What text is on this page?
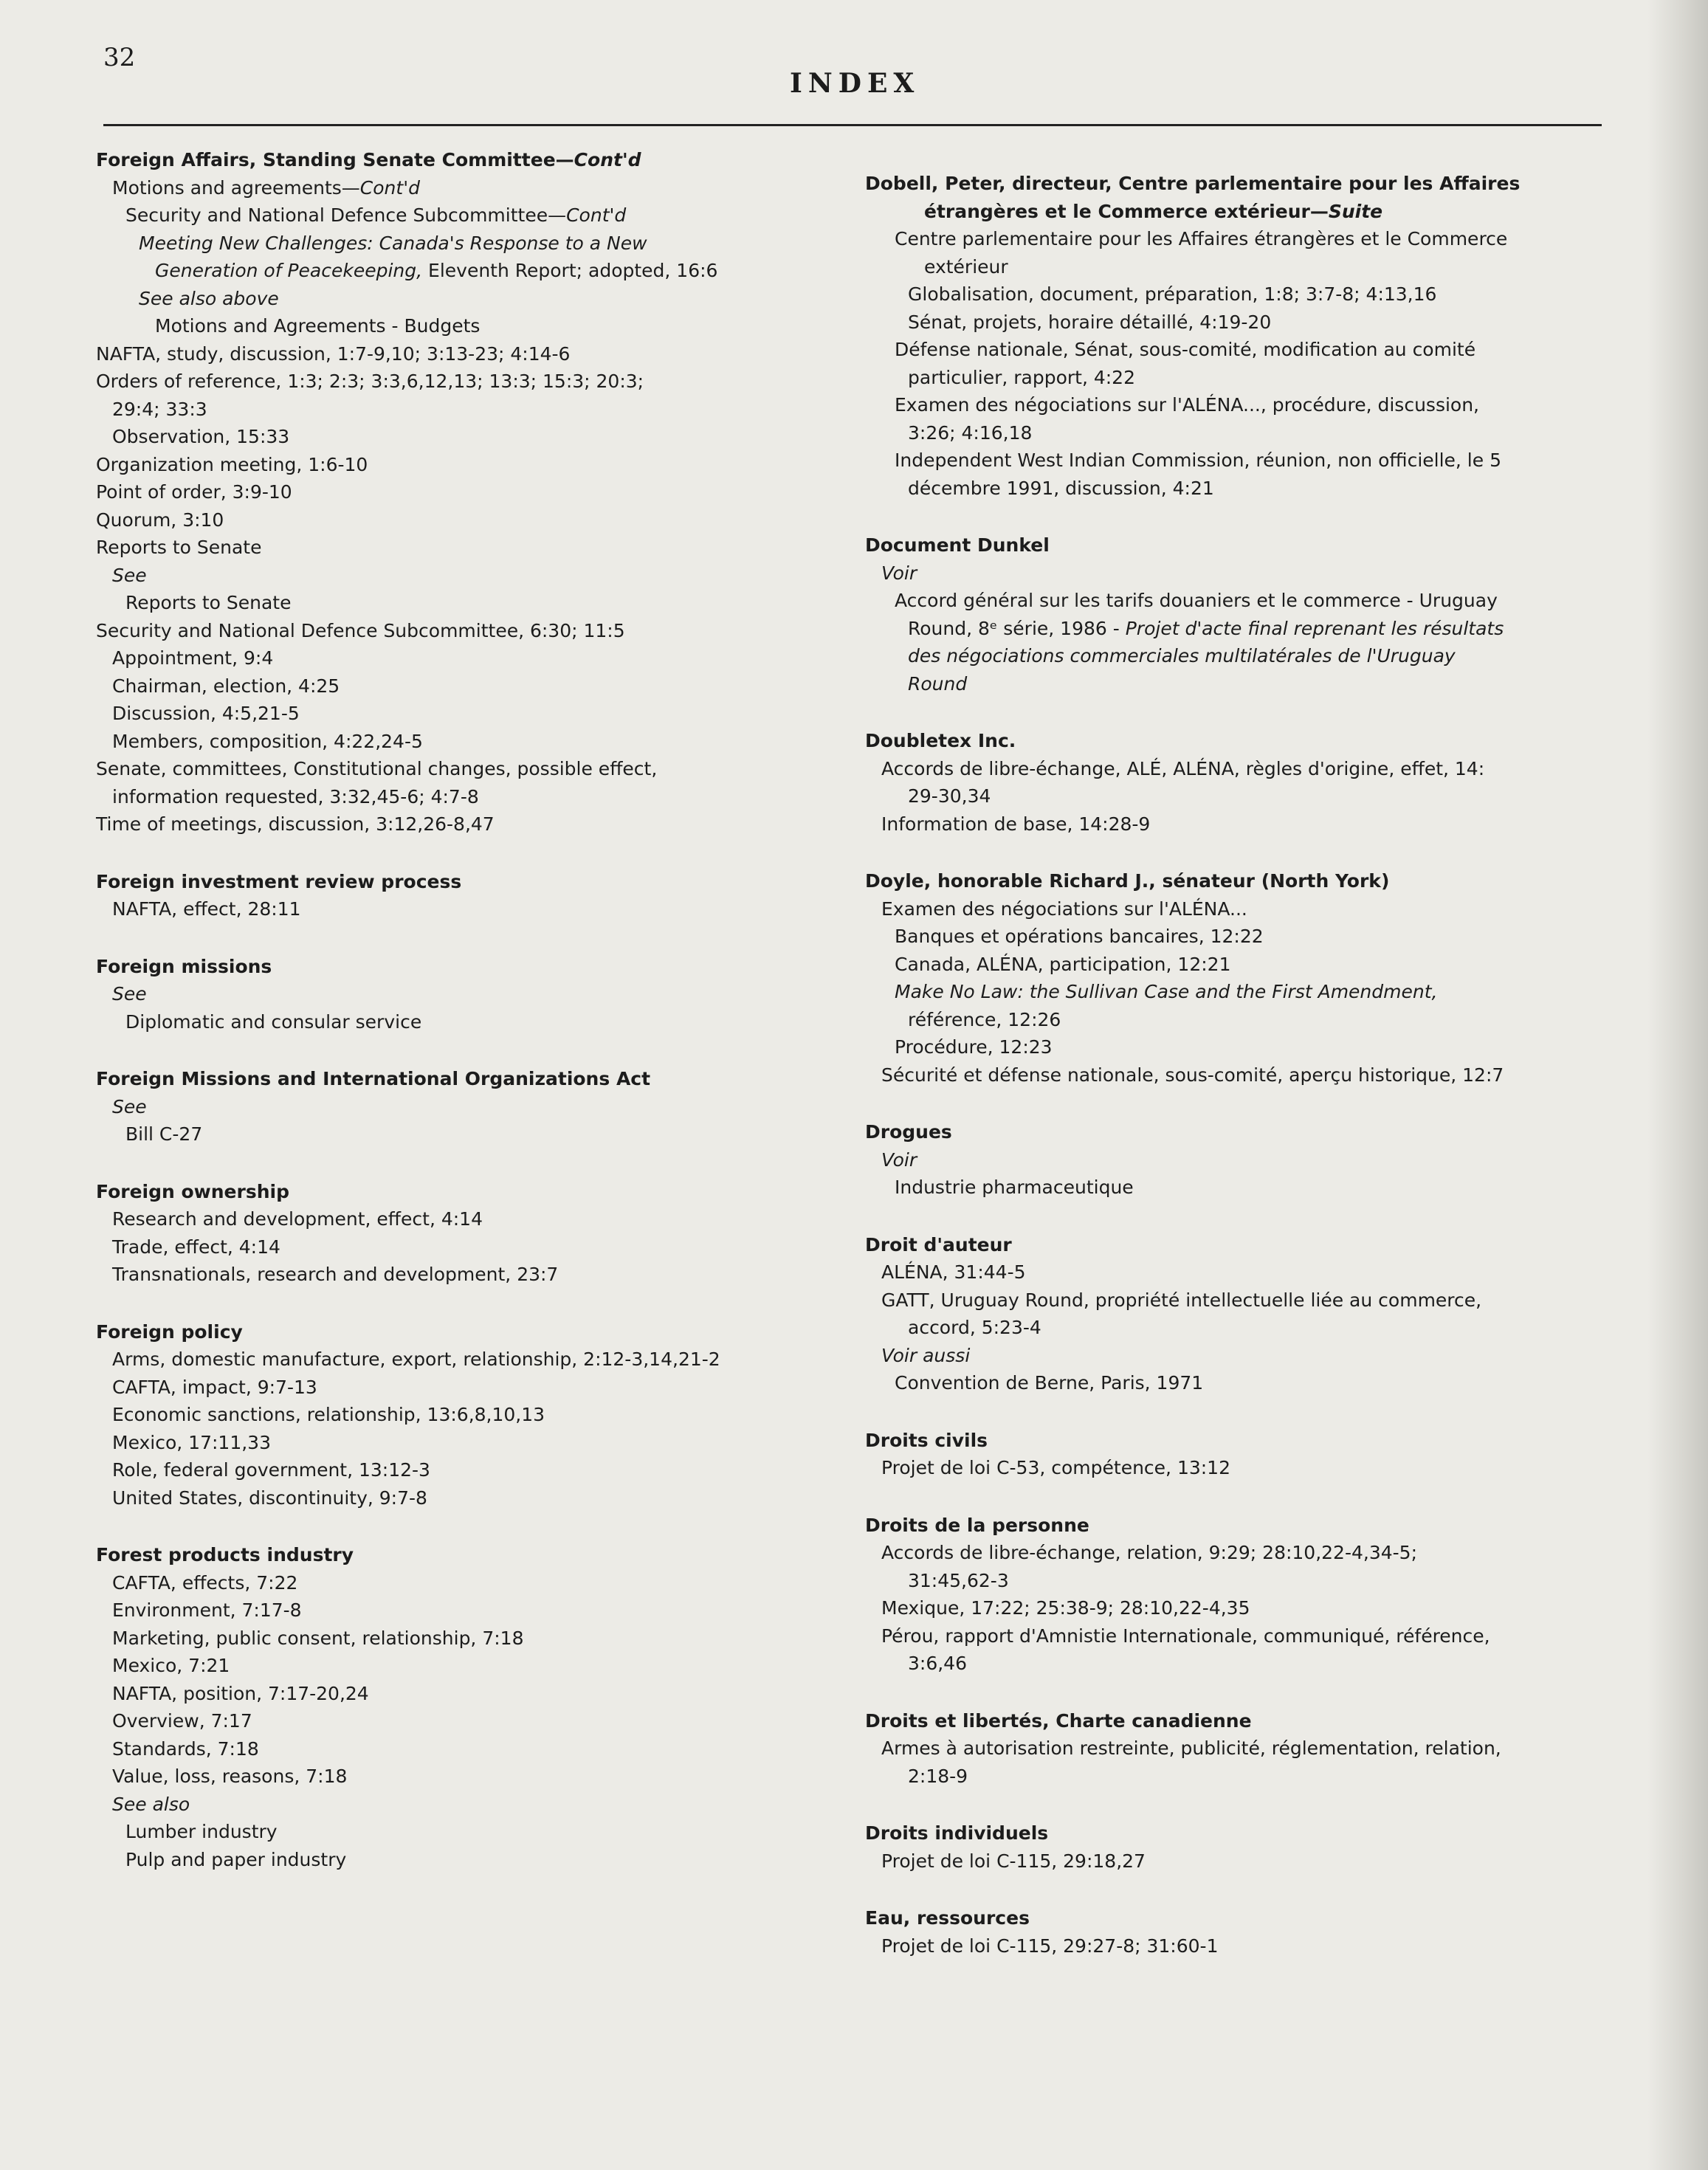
32
INDEX
Foreign Affairs, Standing Senate Committee—Cont'd
Motions and agreements—Cont'd
Security and National Defence Subcommittee—Cont'd
Meeting New Challenges: Canada's Response to a New
Generation of Peacekeeping, Eleventh Report; adopted, 16:6
See also above
Motions and Agreements - Budgets
NAFTA, study, discussion, 1:7-9,10; 3:13-23; 4:14-6
Orders of reference, 1:3; 2:3; 3:3,6,12,13; 13:3; 15:3; 20:3;
29:4; 33:3
Observation, 15:33
Organization meeting, 1:6-10
Point of order, 3:9-10
Quorum, 3:10
Reports to Senate
See
Reports to Senate
Security and National Defence Subcommittee, 6:30; 11:5
Appointment, 9:4
Chairman, election, 4:25
Discussion, 4:5,21-5
Members, composition, 4:22,24-5
Senate, committees, Constitutional changes, possible effect,
information requested, 3:32,45-6; 4:7-8
Time of meetings, discussion, 3:12,26-8,47
Foreign investment review process
NAFTA, effect, 28:11
Foreign missions
See
Diplomatic and consular service
Foreign Missions and International Organizations Act
See
Bill C-27
Foreign ownership
Research and development, effect, 4:14
Trade, effect, 4:14
Transnationals, research and development, 23:7
Foreign policy
Arms, domestic manufacture, export, relationship, 2:12-3,14,21-2
CAFTA, impact, 9:7-13
Economic sanctions, relationship, 13:6,8,10,13
Mexico, 17:11,33
Role, federal government, 13:12-3
United States, discontinuity, 9:7-8
Forest products industry
CAFTA, effects, 7:22
Environment, 7:17-8
Marketing, public consent, relationship, 7:18
Mexico, 7:21
NAFTA, position, 7:17-20,24
Overview, 7:17
Standards, 7:18
Value, loss, reasons, 7:18
See also
Lumber industry
Pulp and paper industry
Dobell, Peter, directeur, Centre parlementaire pour les Affaires
étrangères et le Commerce extérieur—Suite
Centre parlementaire pour les Affaires étrangères et le Commerce
extérieur
Globalisation, document, préparation, 1:8; 3:7-8; 4:13,16
Sénat, projets, horaire détaillé, 4:19-20
Défense nationale, Sénat, sous-comité, modification au comité
particulier, rapport, 4:22
Examen des négociations sur l'ALÉNA..., procédure, discussion,
3:26; 4:16,18
Independent West Indian Commission, réunion, non officielle, le 5
décembre 1991, discussion, 4:21
Document Dunkel
Voir
Accord général sur les tarifs douaniers et le commerce - Uruguay
Round, 8ᵉ série, 1986 - Projet d'acte final reprenant les résultats
des négociations commerciales multilatérales de l'Uruguay
Round
Doubletex Inc.
Accords de libre-échange, ALÉ, ALÉNA, règles d'origine, effet, 14:
29-30,34
Information de base, 14:28-9
Doyle, honorable Richard J., sénateur (North York)
Examen des négociations sur l'ALÉNA...
Banques et opérations bancaires, 12:22
Canada, ALÉNA, participation, 12:21
Make No Law: the Sullivan Case and the First Amendment,
référence, 12:26
Procédure, 12:23
Sécurité et défense nationale, sous-comité, aperçu historique, 12:7
Drogues
Voir
Industrie pharmaceutique
Droit d'auteur
ALÉNA, 31:44-5
GATT, Uruguay Round, propriété intellectuelle liée au commerce,
accord, 5:23-4
Voir aussi
Convention de Berne, Paris, 1971
Droits civils
Projet de loi C-53, compétence, 13:12
Droits de la personne
Accords de libre-échange, relation, 9:29; 28:10,22-4,34-5;
31:45,62-3
Mexique, 17:22; 25:38-9; 28:10,22-4,35
Pérou, rapport d'Amnistie Internationale, communiqué, référence,
3:6,46
Droits et libertés, Charte canadienne
Armes à autorisation restreinte, publicité, réglementation, relation,
2:18-9
Droits individuels
Projet de loi C-115, 29:18,27
Eau, ressources
Projet de loi C-115, 29:27-8; 31:60-1
